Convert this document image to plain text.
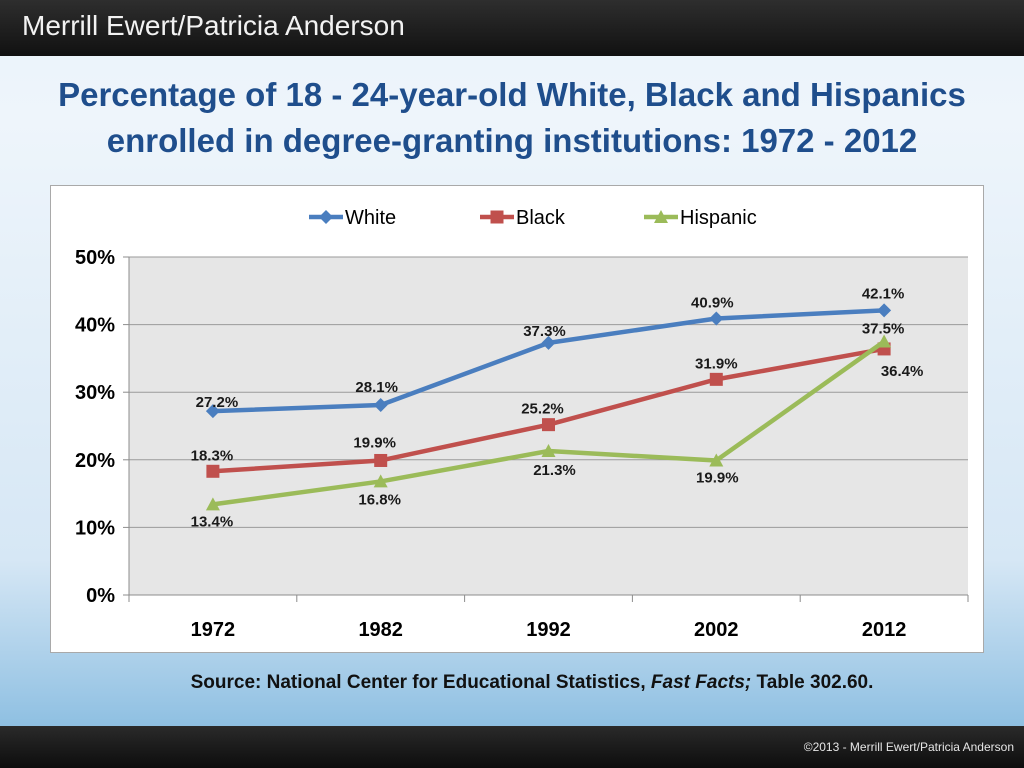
Merrill Ewert/Patricia Anderson
Percentage of 18 - 24-year-old White, Black and Hispanics
enrolled in degree-granting institutions: 1972 - 2012
0%
10%
20%
30%
40%
50%
1972	1982	1992	2002	2012
27.2%
28.1%
37.3%
40.9%
42.1%
18.3%
19.9%
25.2%
31.9%	36.4%
13.4%
16.8%
21.3%	19.9%
37.5%
White	Black	Hispanic
Source: National Center for Educational Statistics, Fast Facts; Table 302.60.
©2013 - Merrill Ewert/Patricia Anderson
